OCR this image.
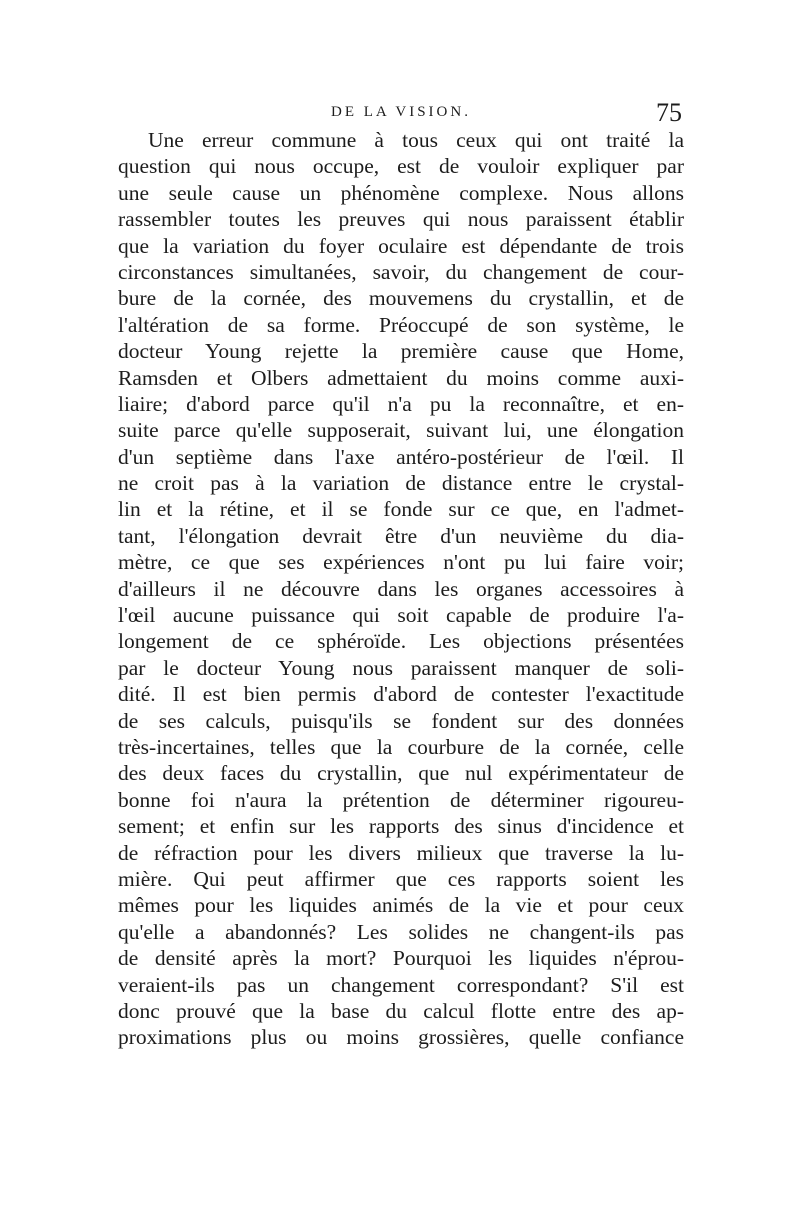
DE LA VISION.	75
Une erreur commune à tous ceux qui ont traité la
question qui nous occupe, est de vouloir expliquer par
une seule cause un phénomène complexe. Nous allons
rassembler toutes les preuves qui nous paraissent établir
que la variation du foyer oculaire est dépendante de trois
circonstances simultanées, savoir, du changement de cour-
bure de la cornée, des mouvemens du crystallin, et de
l'altération de sa forme. Préoccupé de son système, le
docteur Young rejette la première cause que Home,
Ramsden et Olbers admettaient du moins comme auxi-
liaire; d'abord parce qu'il n'a pu la reconnaître, et en-
suite parce qu'elle supposerait, suivant lui, une élongation
d'un septième dans l'axe antéro-postérieur de l'œil. Il
ne croit pas à la variation de distance entre le crystal-
lin et la rétine, et il se fonde sur ce que, en l'admet-
tant, l'élongation devrait être d'un neuvième du dia-
mètre, ce que ses expériences n'ont pu lui faire voir;
d'ailleurs il ne découvre dans les organes accessoires à
l'œil aucune puissance qui soit capable de produire l'a-
longement de ce sphéroïde. Les objections présentées
par le docteur Young nous paraissent manquer de soli-
dité. Il est bien permis d'abord de contester l'exactitude
de ses calculs, puisqu'ils se fondent sur des données
très-incertaines, telles que la courbure de la cornée, celle
des deux faces du crystallin, que nul expérimentateur de
bonne foi n'aura la prétention de déterminer rigoureu-
sement; et enfin sur les rapports des sinus d'incidence et
de réfraction pour les divers milieux que traverse la lu-
mière. Qui peut affirmer que ces rapports soient les
mêmes pour les liquides animés de la vie et pour ceux
qu'elle a abandonnés? Les solides ne changent-ils pas
de densité après la mort? Pourquoi les liquides n'éprou-
veraient-ils pas un changement correspondant? S'il est
donc prouvé que la base du calcul flotte entre des ap-
proximations plus ou moins grossières, quelle confiance
